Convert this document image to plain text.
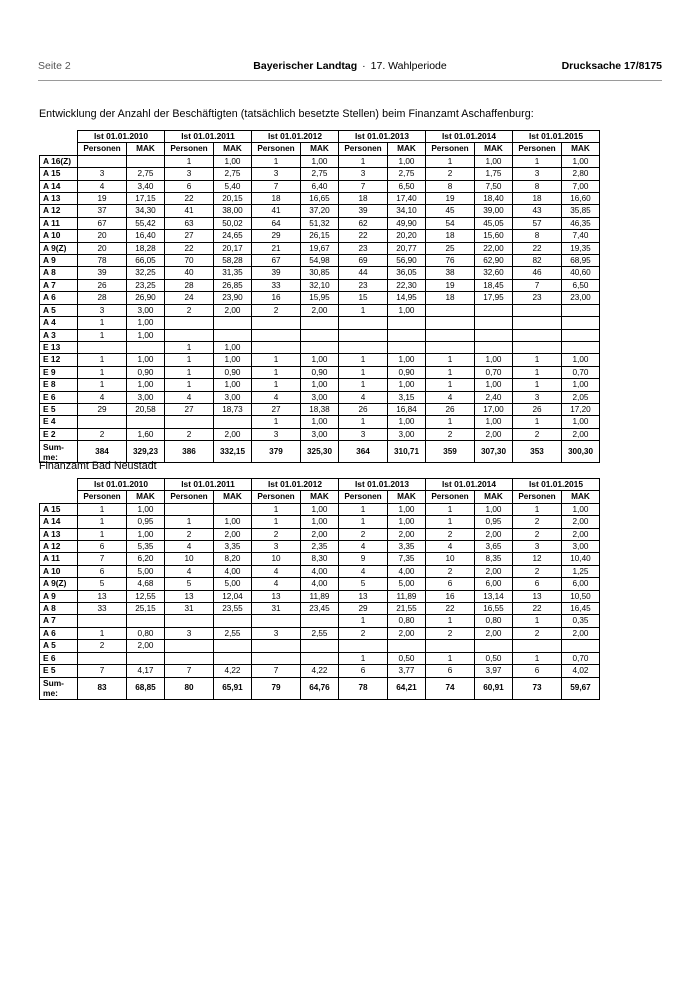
Seite 2	Bayerischer Landtag · 17. Wahlperiode	Drucksache 17/8175
Entwicklung der Anzahl der Beschäftigten (tatsächlich besetzte Stellen) beim Finanzamt Aschaffenburg:
	Ist 01.01.2010		Ist 01.01.2011		Ist 01.01.2012		Ist 01.01.2013		Ist 01.01.2014		Ist 01.01.2015	
	Personen	MAK	Personen	MAK	Personen	MAK	Personen	MAK	Personen	MAK	Personen	MAK
A 16(Z)			1	1,00	1	1,00	1	1,00	1	1,00	1	1,00
A 15	3	2,75	3	2,75	3	2,75	3	2,75	2	1,75	3	2,80
A 14	4	3,40	6	5,40	7	6,40	7	6,50	8	7,50	8	7,00
A 13	19	17,15	22	20,15	18	16,65	18	17,40	19	18,40	18	16,60
A 12	37	34,30	41	38,00	41	37,20	39	34,10	45	39,00	43	35,85
A 11	67	55,42	63	50,02	64	51,32	62	49,90	54	45,05	57	46,35
A 10	20	16,40	27	24,65	29	26,15	22	20,20	18	15,60	8	7,40
A 9(Z)	20	18,28	22	20,17	21	19,67	23	20,77	25	22,00	22	19,35
A 9	78	66,05	70	58,28	67	54,98	69	56,90	76	62,90	82	68,95
A 8	39	32,25	40	31,35	39	30,85	44	36,05	38	32,60	46	40,60
A 7	26	23,25	28	26,85	33	32,10	23	22,30	19	18,45	7	6,50
A 6	28	26,90	24	23,90	16	15,95	15	14,95	18	17,95	23	23,00
A 5	3	3,00	2	2,00	2	2,00	1	1,00				
A 4	1	1,00										
A 3	1	1,00										
E 13			1	1,00								
E 12	1	1,00	1	1,00	1	1,00	1	1,00	1	1,00	1	1,00
E 9	1	0,90	1	0,90	1	0,90	1	0,90	1	0,70	1	0,70
E 8	1	1,00	1	1,00	1	1,00	1	1,00	1	1,00	1	1,00
E 6	4	3,00	4	3,00	4	3,00	4	3,15	4	2,40	3	2,05
E 5	29	20,58	27	18,73	27	18,38	26	16,84	26	17,00	26	17,20
E 4					1	1,00	1	1,00	1	1,00	1	1,00
E 2	2	1,60	2	2,00	3	3,00	3	3,00	2	2,00	2	2,00
Sum-
me:	384	329,23	386	332,15	379	325,30	364	310,71	359	307,30	353	300,30
Finanzamt Bad Neustadt
	Ist 01.01.2010		Ist 01.01.2011		Ist 01.01.2012		Ist 01.01.2013		Ist 01.01.2014		Ist 01.01.2015	
	Personen	MAK	Personen	MAK	Personen	MAK	Personen	MAK	Personen	MAK	Personen	MAK
A 15	1	1,00			1	1,00	1	1,00	1	1,00	1	1,00
A 14	1	0,95	1	1,00	1	1,00	1	1,00	1	0,95	2	2,00
A 13	1	1,00	2	2,00	2	2,00	2	2,00	2	2,00	2	2,00
A 12	6	5,35	4	3,35	3	2,35	4	3,35	4	3,65	3	3,00
A 11	7	6,20	10	8,20	10	8,30	9	7,35	10	8,35	12	10,40
A 10	6	5,00	4	4,00	4	4,00	4	4,00	2	2,00	2	1,25
A 9(Z)	5	4,68	5	5,00	4	4,00	5	5,00	6	6,00	6	6,00
A 9	13	12,55	13	12,04	13	11,89	13	11,89	16	13,14	13	10,50
A 8	33	25,15	31	23,55	31	23,45	29	21,55	22	16,55	22	16,45
A 7							1	0,80	1	0,80	1	0,35
A 6	1	0,80	3	2,55	3	2,55	2	2,00	2	2,00	2	2,00
A 5	2	2,00										
E 6							1	0,50	1	0,50	1	0,70
E 5	7	4,17	7	4,22	7	4,22	6	3,77	6	3,97	6	4,02
Sum-
me:	83	68,85	80	65,91	79	64,76	78	64,21	74	60,91	73	59,67
